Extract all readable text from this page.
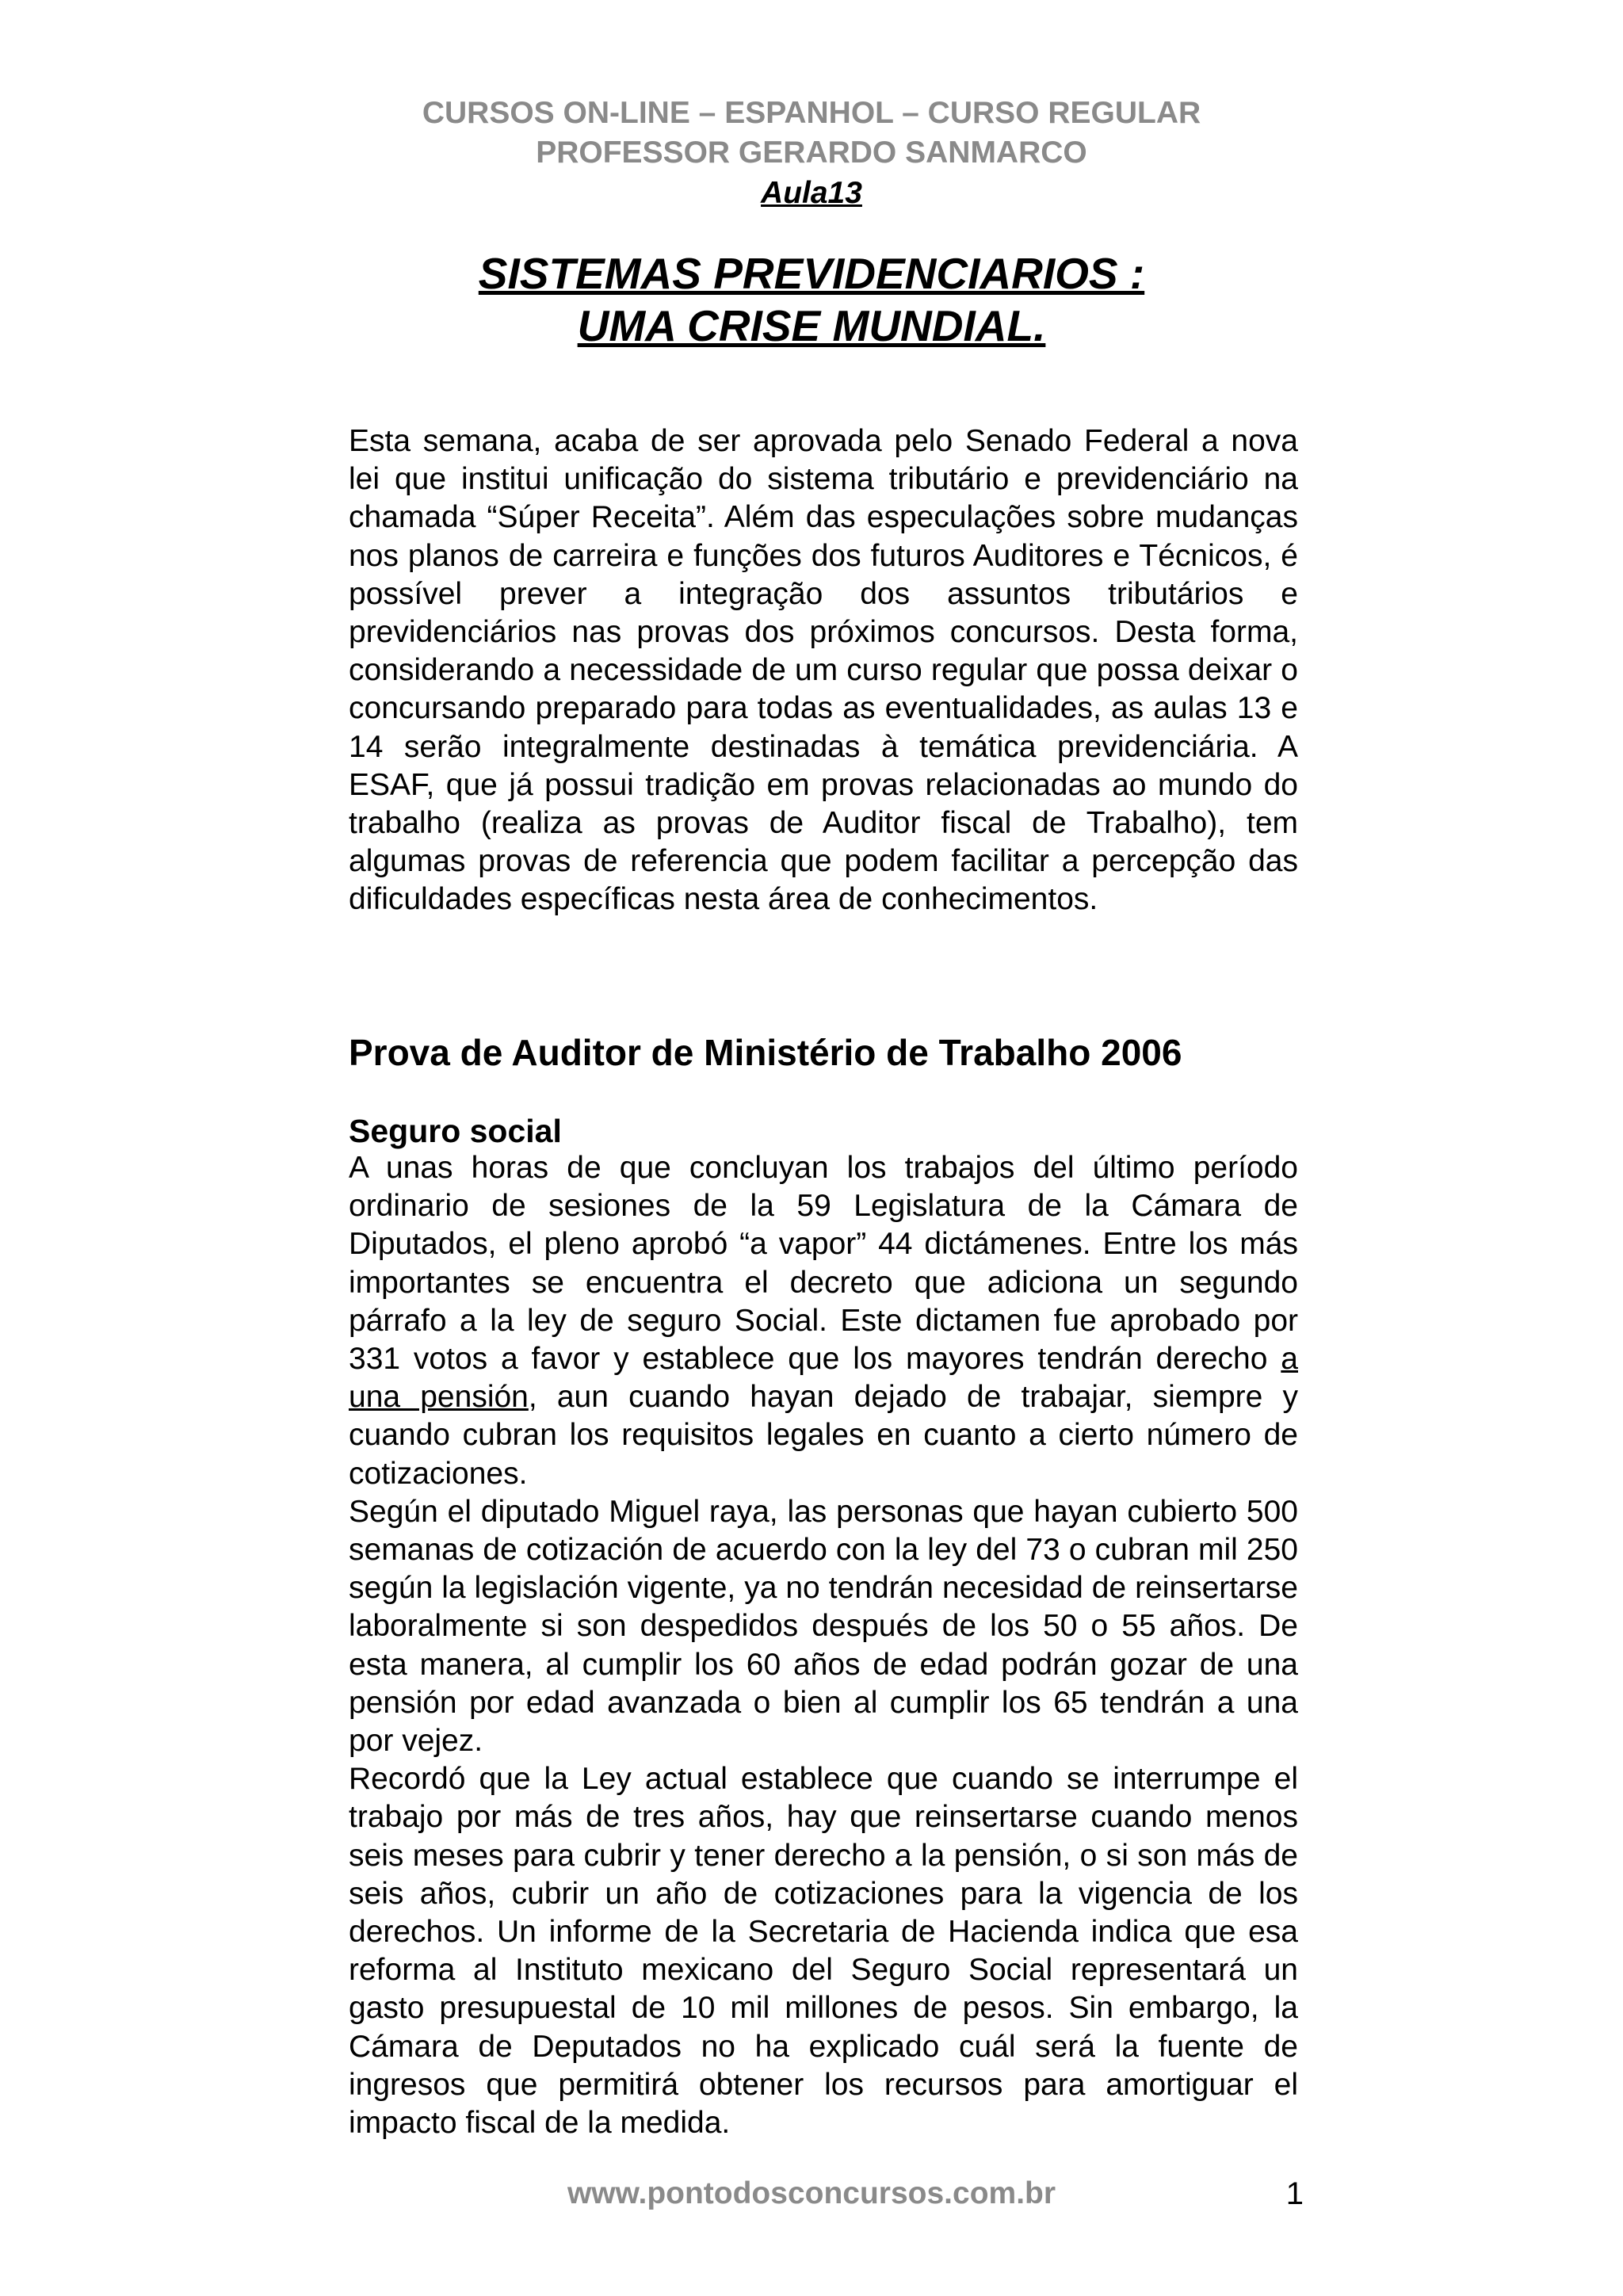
CURSOS ON-LINE – ESPANHOL – CURSO REGULAR
PROFESSOR GERARDO SANMARCO
Aula13
SISTEMAS PREVIDENCIARIOS :
UMA CRISE MUNDIAL.
Esta semana, acaba de ser aprovada pelo Senado Federal a nova lei que institui unificação do sistema tributário e previdenciário na chamada “Súper Receita”. Além das especulações sobre mudanças nos planos de carreira e funções dos futuros Auditores e Técnicos, é possível prever a integração dos assuntos tributários e previdenciários nas provas dos próximos concursos. Desta forma, considerando a necessidade de um curso regular que possa deixar o concursando preparado para todas as eventualidades, as aulas 13 e 14 serão integralmente destinadas à temática previdenciária. A ESAF, que já possui tradição em provas relacionadas ao mundo do trabalho (realiza as provas de Auditor fiscal de Trabalho), tem algumas provas de referencia que podem facilitar a percepção das dificuldades específicas nesta área de conhecimentos.
Prova de Auditor de Ministério de Trabalho 2006
Seguro social

A unas horas de que concluyan los trabajos del último período ordinario de sesiones de la 59 Legislatura de la Cámara de Diputados, el pleno aprobó “a vapor” 44 dictámenes. Entre los más importantes se encuentra el decreto que adiciona un segundo párrafo a la ley de seguro Social. Este dictamen fue aprobado por 331 votos a favor y establece que los mayores tendrán derecho a una pensión, aun cuando hayan dejado de trabajar, siempre y cuando cubran los requisitos legales en cuanto a cierto número de cotizaciones.

Según el diputado Miguel raya, las personas que hayan cubierto 500 semanas de cotización de acuerdo con la ley del 73 o cubran mil 250 según la legislación vigente, ya no tendrán necesidad de reinsertarse laboralmente si son despedidos después de los 50 o 55 años. De esta manera, al cumplir los 60 años de edad podrán gozar de una pensión por edad avanzada o bien al cumplir los 65 tendrán a una por vejez.

Recordó que la Ley actual establece que cuando se interrumpe el trabajo por más de tres años, hay que reinsertarse cuando menos seis meses para cubrir y tener derecho a la pensión, o si son más de seis años, cubrir un año de cotizaciones para la vigencia de los derechos. Un informe de la Secretaria de Hacienda indica que esa reforma al Instituto mexicano del Seguro Social representará un gasto presupuestal de 10 mil millones de pesos. Sin embargo, la Cámara de Deputados no ha explicado cuál será la fuente de ingresos que permitirá obtener los recursos para amortiguar el impacto fiscal de la medida.

www.pontodosconcursos.com.br	1
